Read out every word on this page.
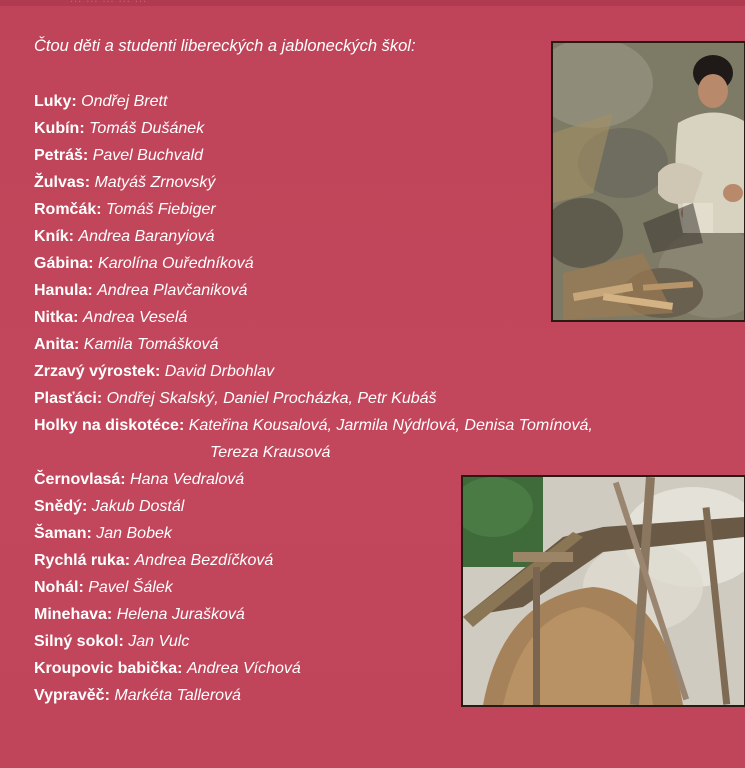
Čtou děti a studenti libereckých a jabloneckých škol:
Luky: Ondřej Brett
Kubín: Tomáš Dušánek
Petráš: Pavel Buchvald
Žulvas: Matyáš Zrnovský
Romčák: Tomáš Fiebiger
Kník: Andrea Baranyiová
Gábina: Karolína Ouředníková
Hanula: Andrea Plavčaniková
Nitka: Andrea Veselá
Anita: Kamila Tomášková
Zrzavý výrostek: David Drbohlav
Plasťáci: Ondřej Skalský, Daniel Procházka, Petr Kubáš
Holky na diskotéce: Kateřina Kousalová, Jarmila Nýdrlová, Denisa Tomínová,
Tereza Krausová
Černovlasá: Hana Vedralová
Snědý: Jakub Dostál
Šaman: Jan Bobek
Rychlá ruka: Andrea Bezdíčková
Nohál: Pavel Šálek
Minehava: Helena Jurašková
Silný sokol: Jan Vulc
Kroupovic babička: Andrea Víchová
Vypravěč: Markéta Tallerová
